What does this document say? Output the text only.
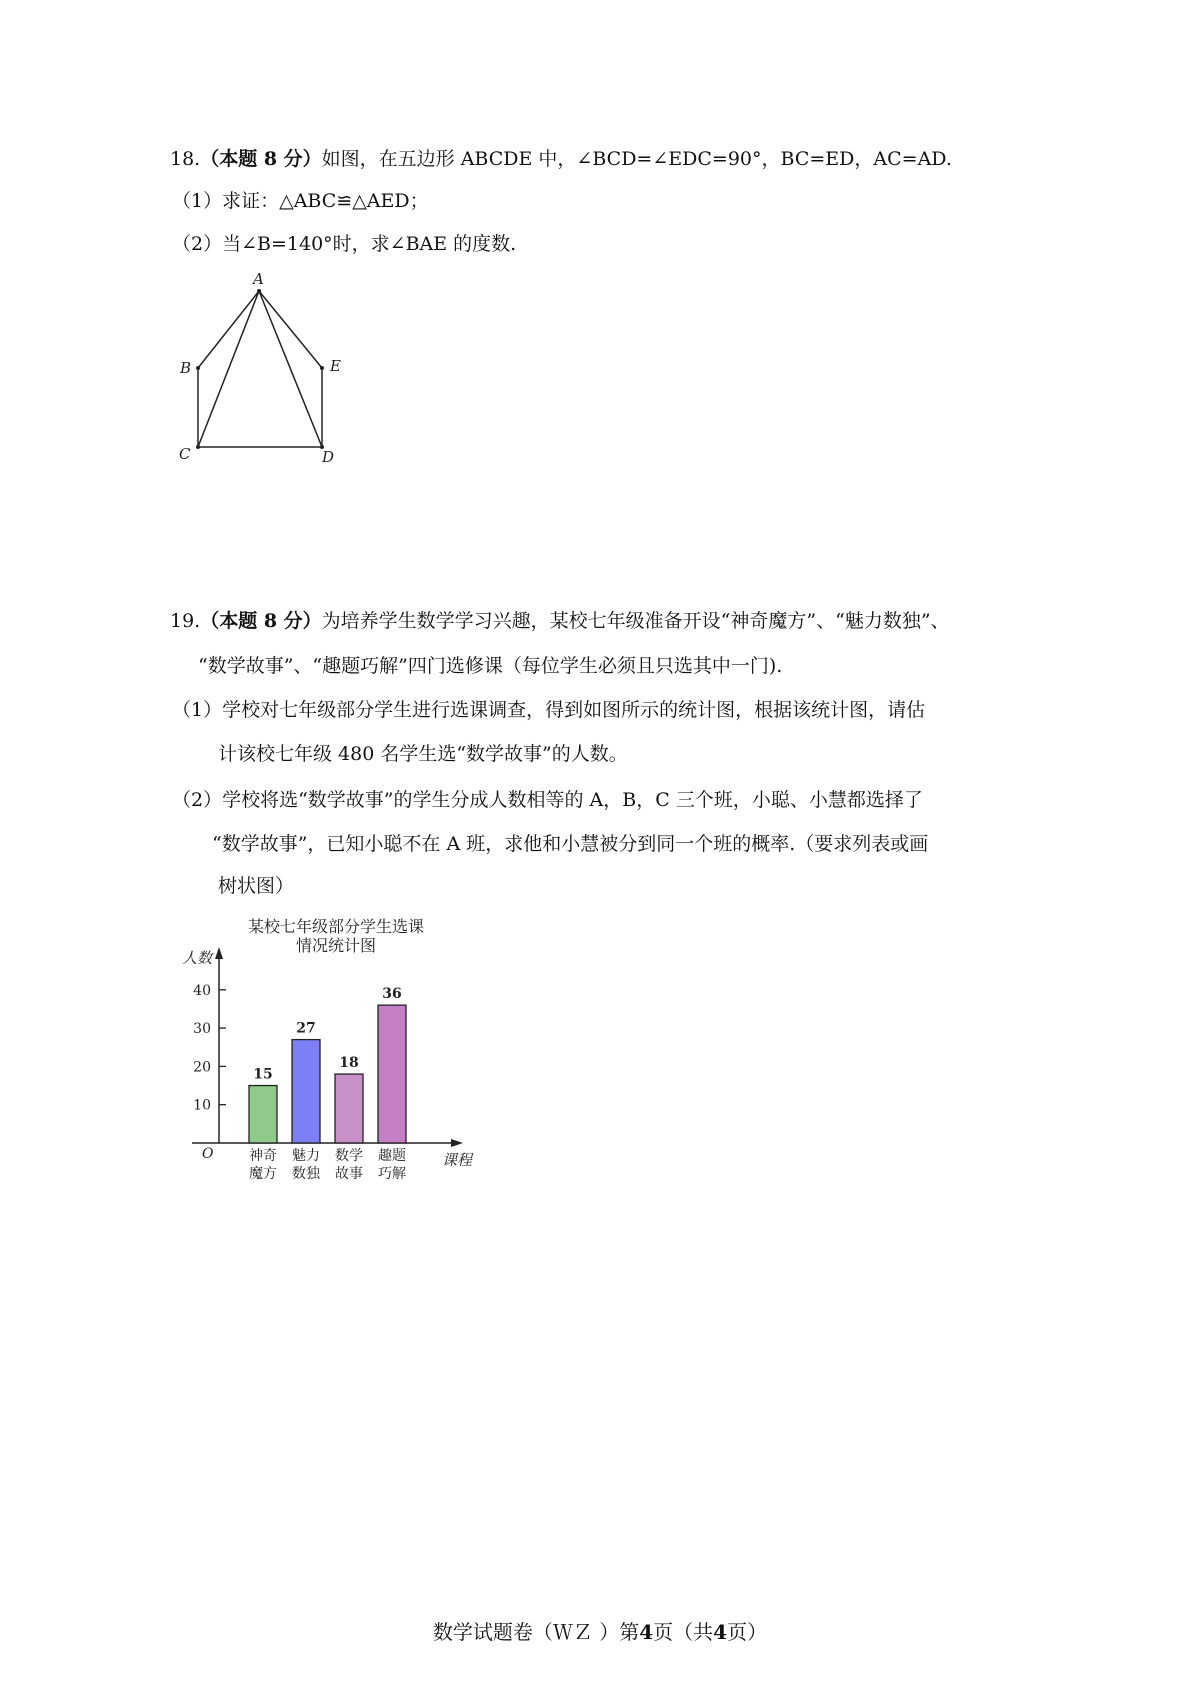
18.（本题 8 分）如图，在五边形 ABCDE 中，∠BCD=∠EDC=90°，BC=ED，AC=AD.
（1）求证：△ABC≌△AED；
（2）当∠B=140°时，求∠BAE 的度数.
A
B
C	D
E
19.（本题 8 分）为培养学生数学学习兴趣，某校七年级准备开设“神奇魔方”、“魅力数独”、
“数学故事”、“趣题巧解”四门选修课（每位学生必须且只选其中一门).
（1）学校对七年级部分学生进行选课调查，得到如图所示的统计图，根据该统计图，请估
计该校七年级 480 名学生选“数学故事”的人数。
（2）学校将选“数学故事”的学生分成人数相等的 A，B，C 三个班，小聪、小慧都选择了
“数学故事”，已知小聪不在 A 班，求他和小慧被分到同一个班的概率.（要求列表或画
树状图）
某校七年级部分学生选课
情况统计图
人数
课程
O
10
20
30
40
15
神奇
魔方
27
魅力
数独
18
数学
故事
36
趣题
巧解
数学试题卷（ＷＺ ）第4页（共4页）
